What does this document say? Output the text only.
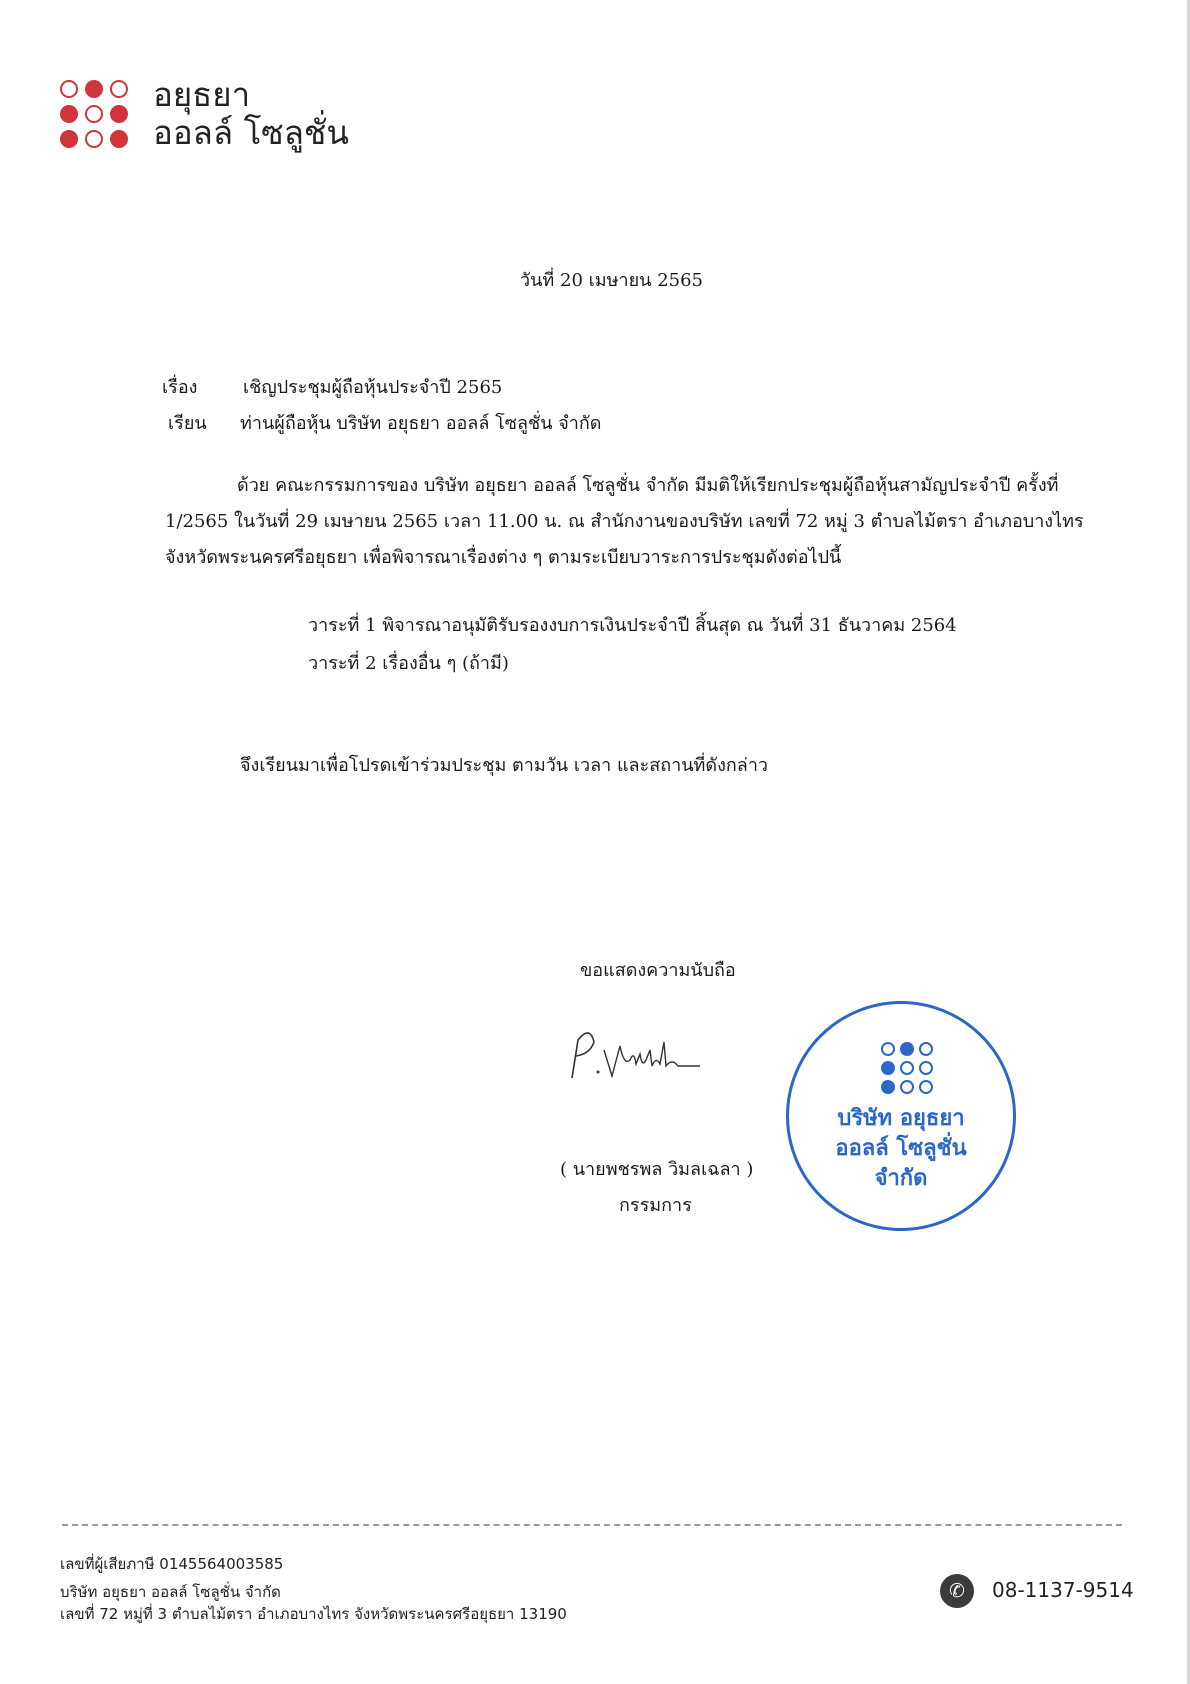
อยุธยา
ออลล์ โซลูชั่น
วันที่ 20 เมษายน 2565
เรื่อง	เชิญประชุมผู้ถือหุ้นประจำปี 2565
เรียน ท่านผู้ถือหุ้น บริษัท อยุธยา ออลล์ โซลูชั่น จำกัด
ด้วย คณะกรรมการของ บริษัท อยุธยา ออลล์ โซลูชั่น จำกัด มีมติให้เรียกประชุมผู้ถือหุ้นสามัญประจำปี ครั้งที่ 1/2565 ในวันที่ 29 เมษายน 2565 เวลา 11.00 น. ณ สำนักงานของบริษัท เลขที่ 72 หมู่ 3 ตำบลไม้ตรา อำเภอบางไทร จังหวัดพระนครศรีอยุธยา เพื่อพิจารณาเรื่องต่าง ๆ ตามระเบียบวาระการประชุมดังต่อไปนี้
วาระที่ 1 พิจารณาอนุมัติรับรองงบการเงินประจำปี สิ้นสุด ณ วันที่ 31 ธันวาคม 2564
วาระที่ 2 เรื่องอื่น ๆ (ถ้ามี)
จึงเรียนมาเพื่อโปรดเข้าร่วมประชุม ตามวัน เวลา และสถานที่ดังกล่าว
ขอแสดงความนับถือ
( นายพชรพล วิมลเฉลา )
กรรมการ
บริษัท อยุธยา
ออลล์ โซลูชั่น
จำกัด
เลขที่ผู้เสียภาษี 0145564003585
บริษัท อยุธยา ออลล์ โซลูชั่น จำกัด
เลขที่ 72 หมู่ที่ 3 ตำบลไม้ตรา อำเภอบางไทร จังหวัดพระนครศรีอยุธยา 13190
✆	08-1137-9514
